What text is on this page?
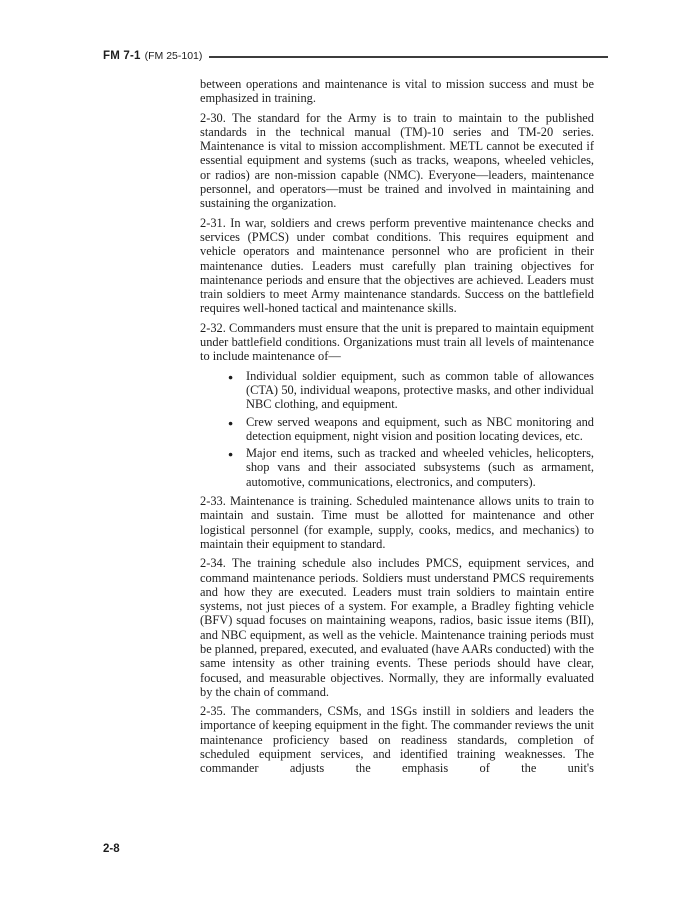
FM 7-1 (FM 25-101)

between operations and maintenance is vital to mission success and must be emphasized in training.

2-30. The standard for the Army is to train to maintain to the published standards in the technical manual (TM)-10 series and TM-20 series. Maintenance is vital to mission accomplishment. METL cannot be executed if essential equipment and systems (such as tracks, weapons, wheeled vehicles, or radios) are non-mission capable (NMC). Everyone—leaders, maintenance personnel, and operators—must be trained and involved in maintaining and sustaining the organization.

2-31. In war, soldiers and crews perform preventive maintenance checks and services (PMCS) under combat conditions. This requires equipment and vehicle operators and maintenance personnel who are proficient in their maintenance duties. Leaders must carefully plan training objectives for maintenance periods and ensure that the objectives are achieved. Leaders must train soldiers to meet Army maintenance standards. Success on the battlefield requires well-honed tactical and maintenance skills.

2-32. Commanders must ensure that the unit is prepared to maintain equipment under battlefield conditions. Organizations must train all levels of maintenance to include maintenance of—

● Individual soldier equipment, such as common table of allowances (CTA) 50, individual weapons, protective masks, and other individual NBC clothing, and equipment.
● Crew served weapons and equipment, such as NBC monitoring and detection equipment, night vision and position locating devices, etc.
● Major end items, such as tracked and wheeled vehicles, helicopters, shop vans and their associated subsystems (such as armament, automotive, communications, electronics, and computers).

2-33. Maintenance is training. Scheduled maintenance allows units to train to maintain and sustain. Time must be allotted for maintenance and other logistical personnel (for example, supply, cooks, medics, and mechanics) to maintain their equipment to standard.

2-34. The training schedule also includes PMCS, equipment services, and command maintenance periods. Soldiers must understand PMCS requirements and how they are executed. Leaders must train soldiers to maintain entire systems, not just pieces of a system. For example, a Bradley fighting vehicle (BFV) squad focuses on maintaining weapons, radios, basic issue items (BII), and NBC equipment, as well as the vehicle. Maintenance training periods must be planned, prepared, executed, and evaluated (have AARs conducted) with the same intensity as other training events. These periods should have clear, focused, and measurable objectives. Normally, they are informally evaluated by the chain of command.

2-35. The commanders, CSMs, and 1SGs instill in soldiers and leaders the importance of keeping equipment in the fight. The commander reviews the unit maintenance proficiency based on readiness standards, completion of scheduled equipment services, and identified training weaknesses. The commander adjusts the emphasis of the unit's

2-8
